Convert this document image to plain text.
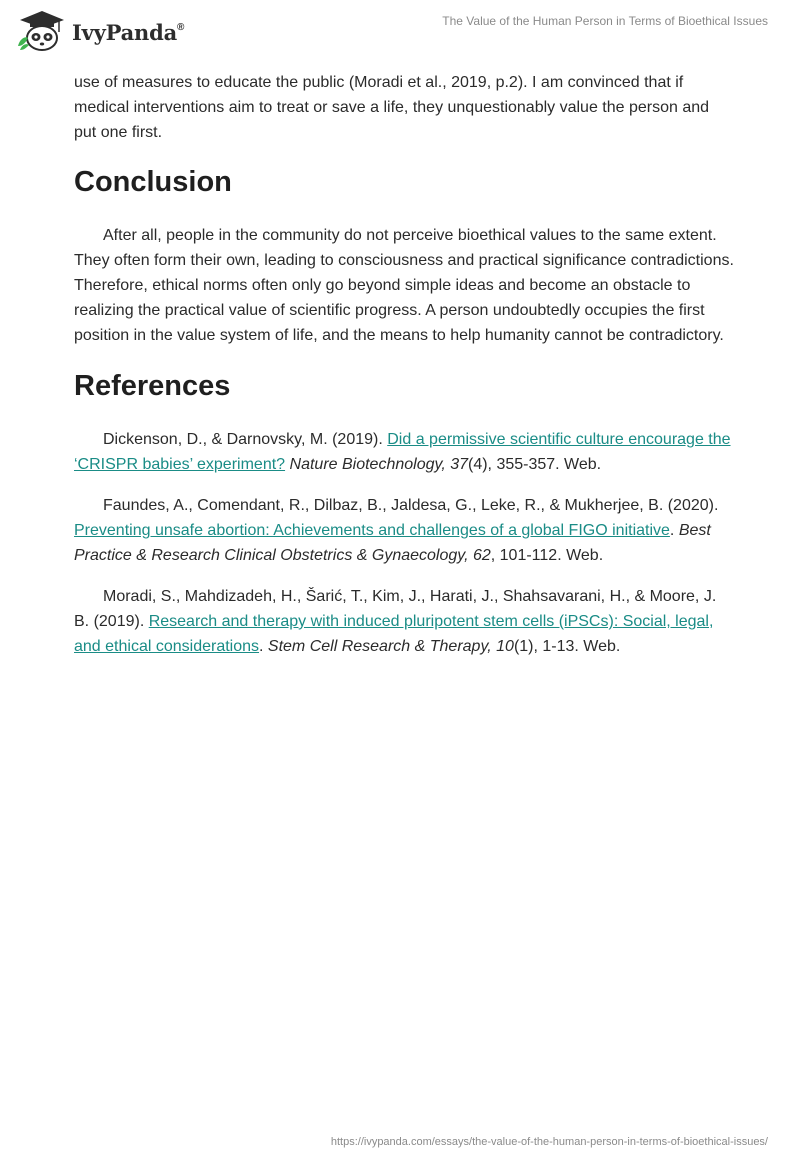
IvyPanda®	The Value of the Human Person in Terms of Bioethical Issues

use of measures to educate the public (Moradi et al., 2019, p.2). I am convinced that if medical interventions aim to treat or save a life, they unquestionably value the person and put one first.

Conclusion

After all, people in the community do not perceive bioethical values to the same extent. They often form their own, leading to consciousness and practical significance contradictions. Therefore, ethical norms often only go beyond simple ideas and become an obstacle to realizing the practical value of scientific progress. A person undoubtedly occupies the first position in the value system of life, and the means to help humanity cannot be contradictory.

References

Dickenson, D., & Darnovsky, M. (2019). Did a permissive scientific culture encourage the ‘CRISPR babies’ experiment? Nature Biotechnology, 37(4), 355-357. Web.

Faundes, A., Comendant, R., Dilbaz, B., Jaldesa, G., Leke, R., & Mukherjee, B. (2020). Preventing unsafe abortion: Achievements and challenges of a global FIGO initiative. Best Practice & Research Clinical Obstetrics & Gynaecology, 62, 101-112. Web.

Moradi, S., Mahdizadeh, H., Šarić, T., Kim, J., Harati, J., Shahsavarani, H., & Moore, J. B. (2019). Research and therapy with induced pluripotent stem cells (iPSCs): Social, legal, and ethical considerations. Stem Cell Research & Therapy, 10(1), 1-13. Web.

https://ivypanda.com/essays/the-value-of-the-human-person-in-terms-of-bioethical-issues/
